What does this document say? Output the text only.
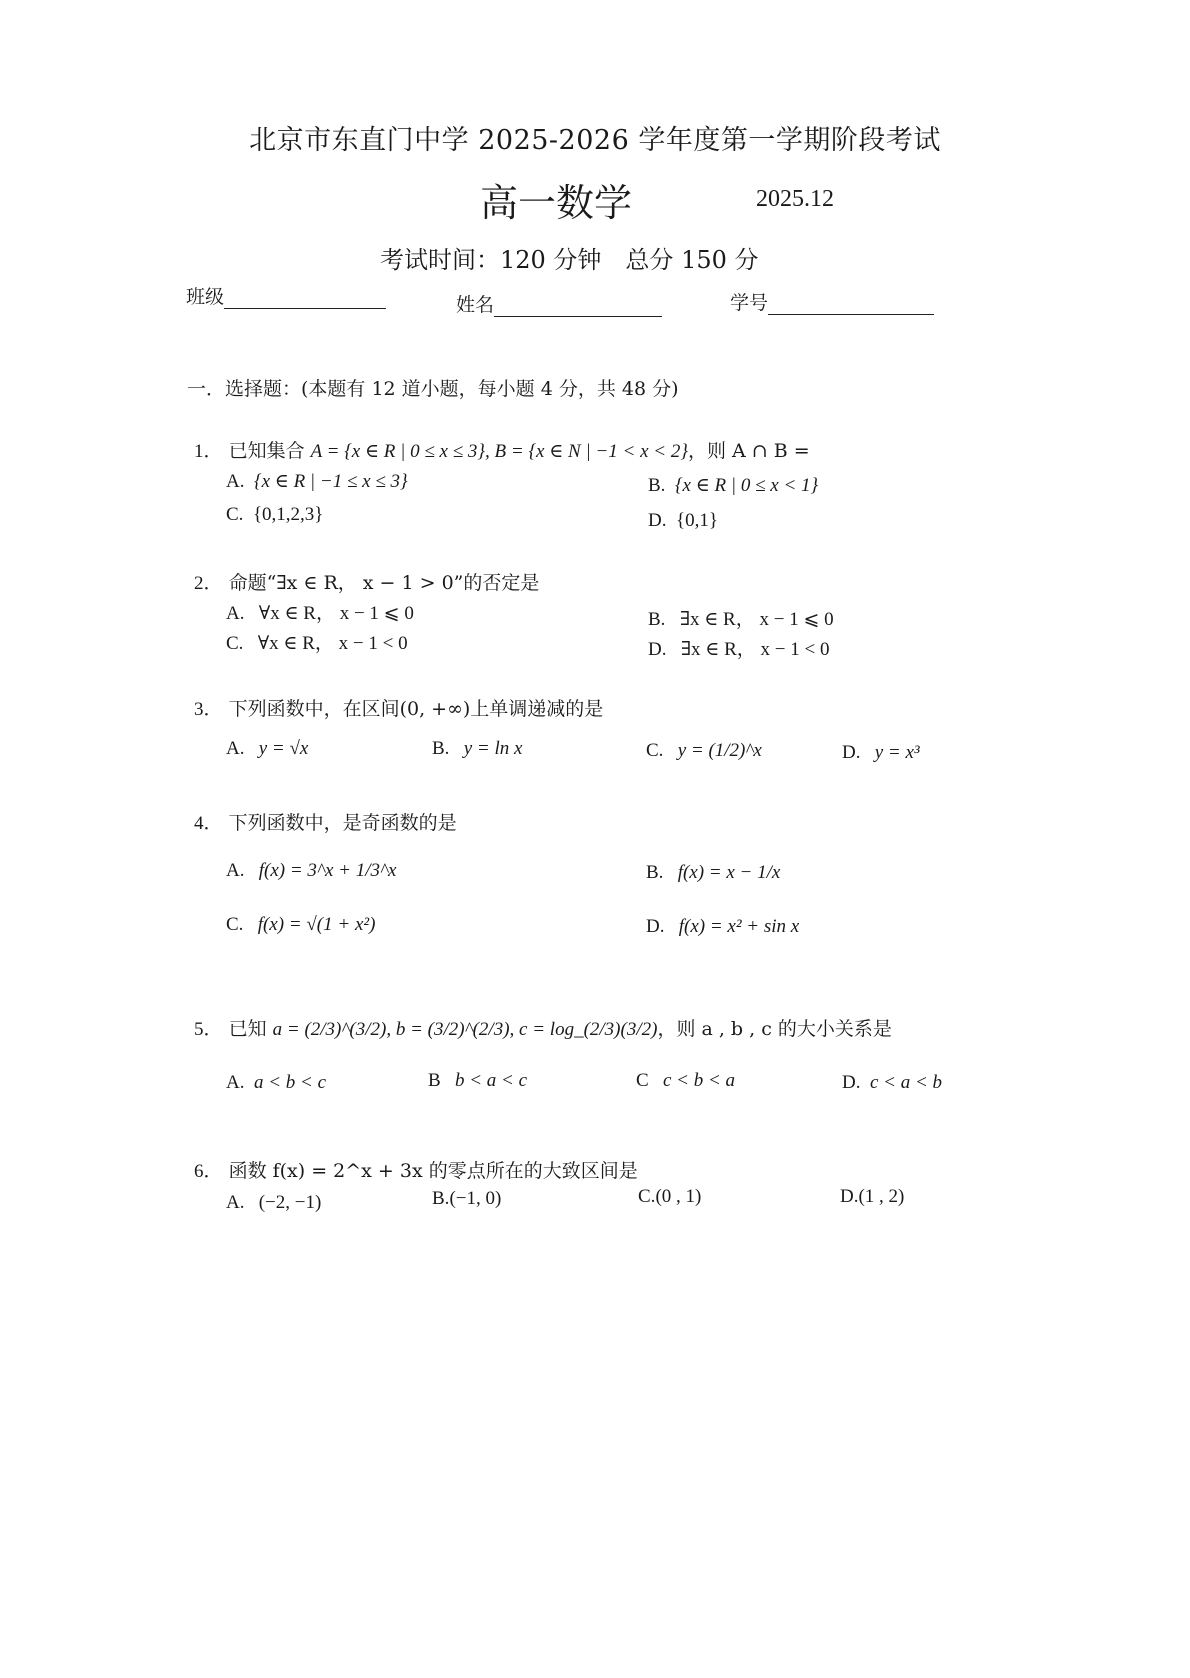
北京市东直门中学 2025-2026 学年度第一学期阶段考试
高一数学	2025.12
考试时间：120 分钟　总分 150 分
班级	姓名	学号
一．选择题：(本题有 12 道小题，每小题 4 分，共 48 分)
1． 已知集合 A = {x ∈ R | 0 ≤ x ≤ 3}, B = {x ∈ N | −1 < x < 2}，则 A ∩ B =
A. {x ∈ R | −1 ≤ x ≤ 3}	B. {x ∈ R | 0 ≤ x < 1}
C. {0,1,2,3}	D. {0,1}
2． 命题“∃x ∈ R， x − 1 > 0”的否定是
A. ∀x ∈ R， x − 1 ⩽ 0	B. ∃x ∈ R， x − 1 ⩽ 0
C. ∀x ∈ R， x − 1 < 0	D. ∃x ∈ R， x − 1 < 0
3． 下列函数中，在区间(0, +∞)上单调递减的是
A. y = √x	B. y = ln x	C. y = (1/2)^x	D. y = x³
4． 下列函数中，是奇函数的是
A. f(x) = 3^x + 1/3^x	B. f(x) = x − 1/x
C. f(x) = √(1 + x²)	D. f(x) = x² + sin x
5． 已知 a = (2/3)^(3/2), b = (3/2)^(2/3), c = log_(2/3)(3/2)，则 a , b , c 的大小关系是
A. a < b < c	B b < a < c	C c < b < a	D. c < a < b
6． 函数 f(x) = 2^x + 3x 的零点所在的大致区间是
A. (−2, −1)	B.(−1, 0)	C.(0 , 1)	D.(1 , 2)
